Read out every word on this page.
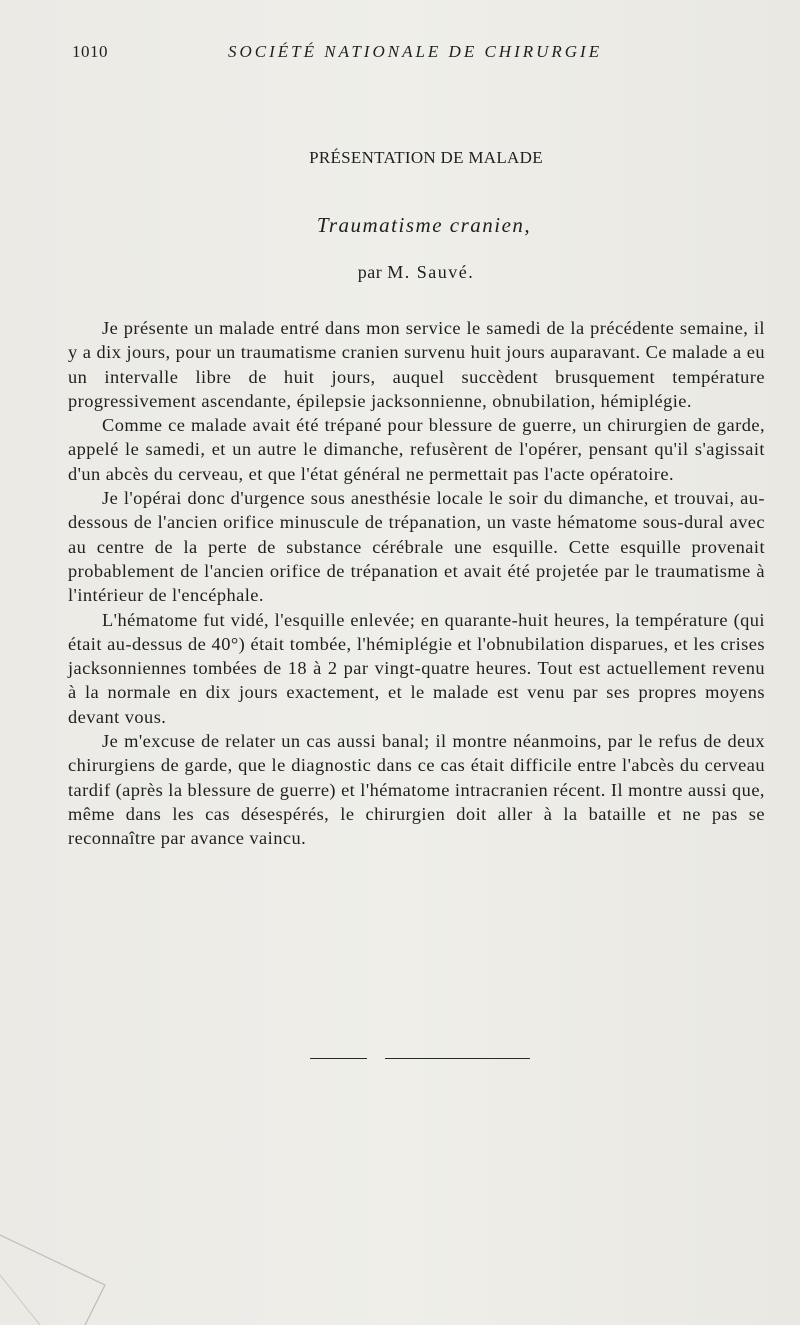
1010	SOCIÉTÉ NATIONALE DE CHIRURGIE
PRÉSENTATION DE MALADE
Traumatisme cranien,
par M. Sauvé.

Je présente un malade entré dans mon service le samedi de la précédente semaine, il y a dix jours, pour un traumatisme cranien survenu huit jours auparavant. Ce malade a eu un intervalle libre de huit jours, auquel succèdent brusquement température progressivement ascendante, épilepsie jacksonnienne, obnubilation, hémiplégie.

Comme ce malade avait été trépané pour blessure de guerre, un chirurgien de garde, appelé le samedi, et un autre le dimanche, refusèrent de l'opérer, pensant qu'il s'agissait d'un abcès du cerveau, et que l'état général ne permettait pas l'acte opératoire.

Je l'opérai donc d'urgence sous anesthésie locale le soir du dimanche, et trouvai, au-dessous de l'ancien orifice minuscule de trépanation, un vaste hématome sous-dural avec au centre de la perte de substance cérébrale une esquille. Cette esquille provenait probablement de l'ancien orifice de trépanation et avait été projetée par le traumatisme à l'intérieur de l'encéphale.

L'hématome fut vidé, l'esquille enlevée; en quarante-huit heures, la température (qui était au-dessus de 40°) était tombée, l'hémiplégie et l'obnubilation disparues, et les crises jacksonniennes tombées de 18 à 2 par vingt-quatre heures. Tout est actuellement revenu à la normale en dix jours exactement, et le malade est venu par ses propres moyens devant vous.

Je m'excuse de relater un cas aussi banal; il montre néanmoins, par le refus de deux chirurgiens de garde, que le diagnostic dans ce cas était difficile entre l'abcès du cerveau tardif (après la blessure de guerre) et l'hématome intracranien récent. Il montre aussi que, même dans les cas désespérés, le chirurgien doit aller à la bataille et ne pas se reconnaître par avance vaincu.
